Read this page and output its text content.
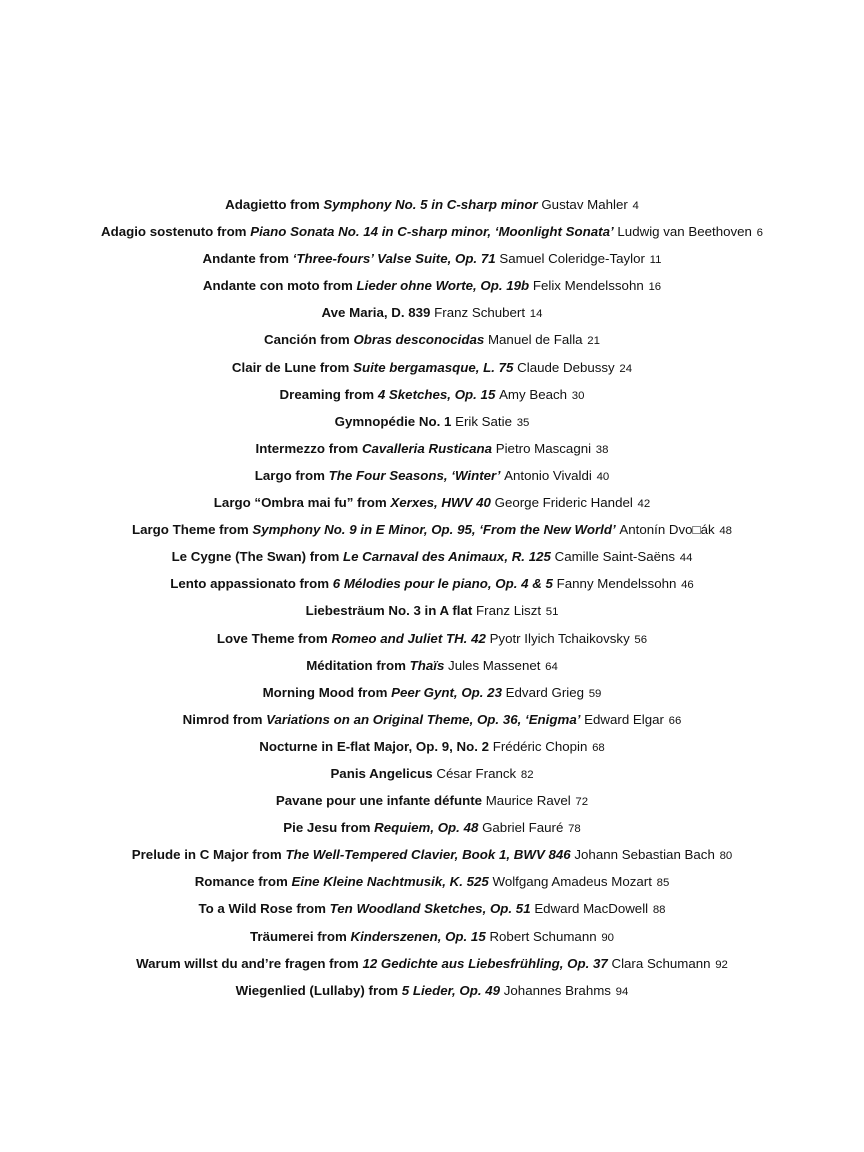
Adagietto from Symphony No. 5 in C-sharp minor Gustav Mahler 4
Adagio sostenuto from Piano Sonata No. 14 in C-sharp minor, ‘Moonlight Sonata’ Ludwig van Beethoven 6
Andante from ‘Three-fours’ Valse Suite, Op. 71 Samuel Coleridge-Taylor 11
Andante con moto from Lieder ohne Worte, Op. 19b Felix Mendelssohn 16
Ave Maria, D. 839 Franz Schubert 14
Canción from Obras desconocidas Manuel de Falla 21
Clair de Lune from Suite bergamasque, L. 75 Claude Debussy 24
Dreaming from 4 Sketches, Op. 15 Amy Beach 30
Gymnopédie No. 1 Erik Satie 35
Intermezzo from Cavalleria Rusticana Pietro Mascagni 38
Largo from The Four Seasons, ‘Winter’ Antonio Vivaldi 40
Largo “Ombra mai fu” from Xerxes, HWV 40 George Frideric Handel 42
Largo Theme from Symphony No. 9 in E Minor, Op. 95, ‘From the New World’ Antonín Dvo□ák 48
Le Cygne (The Swan) from Le Carnaval des Animaux, R. 125 Camille Saint-Saëns 44
Lento appassionato from 6 Mélodies pour le piano, Op. 4 & 5 Fanny Mendelssohn 46
Liebesträum No. 3 in A flat Franz Liszt 51
Love Theme from Romeo and Juliet TH. 42 Pyotr Ilyich Tchaikovsky 56
Méditation from Thaïs Jules Massenet 64
Morning Mood from Peer Gynt, Op. 23 Edvard Grieg 59
Nimrod from Variations on an Original Theme, Op. 36, ‘Enigma’ Edward Elgar 66
Nocturne in E-flat Major, Op. 9, No. 2 Frédéric Chopin 68
Panis Angelicus César Franck 82
Pavane pour une infante défunte Maurice Ravel 72
Pie Jesu from Requiem, Op. 48 Gabriel Fauré 78
Prelude in C Major from The Well-Tempered Clavier, Book 1, BWV 846 Johann Sebastian Bach 80
Romance from Eine Kleine Nachtmusik, K. 525 Wolfgang Amadeus Mozart 85
To a Wild Rose from Ten Woodland Sketches, Op. 51 Edward MacDowell 88
Träumerei from Kinderszenen, Op. 15 Robert Schumann 90
Warum willst du and’re fragen from 12 Gedichte aus Liebesfrühling, Op. 37 Clara Schumann 92
Wiegenlied (Lullaby) from 5 Lieder, Op. 49 Johannes Brahms 94
